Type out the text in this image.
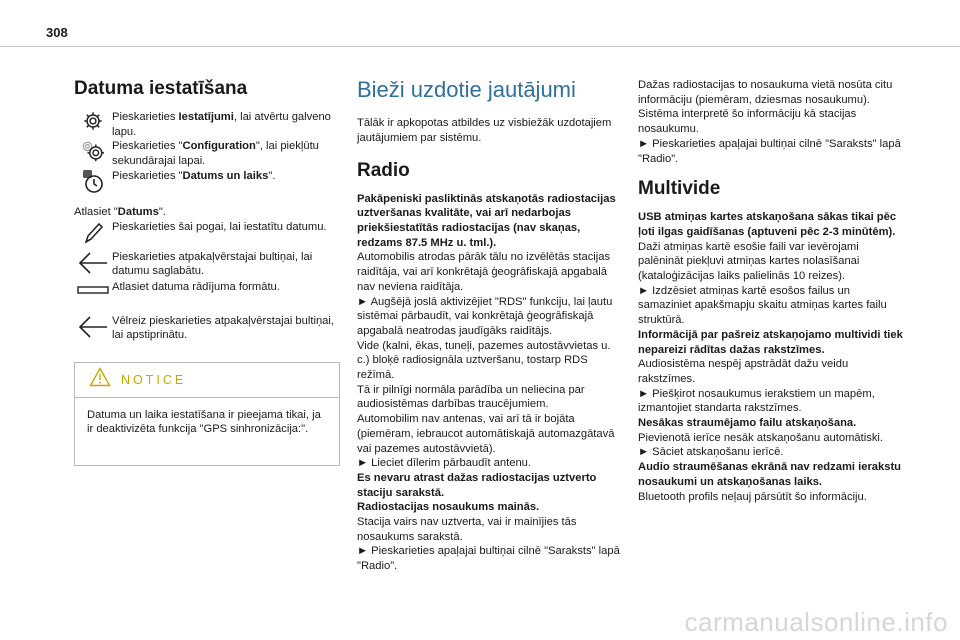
308
Datuma iestatīšana

Pieskarieties Iestatījumi, lai atvērtu galveno lapu.

Pieskarieties "Configuration", lai piekļūtu sekundārajai lapai.

Pieskarieties "Datums un laiks".

Atlasiet "Datums".

Pieskarieties šai pogai, lai iestatītu datumu.

Pieskarieties atpakaļvērstajai bultiņai, lai datumu saglabātu.

Atlasiet datuma rādījuma formātu.

Vēlreiz pieskarieties atpakaļvērstajai bultiņai, lai apstiprinātu.

NOTICE

Datuma un laika iestatīšana ir pieejama tikai, ja ir deaktivizēta funkcija "GPS sinhronizācija:".

Bieži uzdotie jautājumi

Tālāk ir apkopotas atbildes uz visbiežāk uzdotajiem jautājumiem par sistēmu.

Radio

Pakāpeniski pasliktinās atskaņotās radiostacijas uztveršanas kvalitāte, vai arī nedarbojas priekšiestatītās radiostacijas (nav skaņas, redzams 87.5 MHz u. tml.).

Automobilis atrodas pārāk tālu no izvēlētās stacijas raidītāja, vai arī konkrētajā ģeogrāfiskajā apgabalā nav neviena raidītāja.

► Augšējā joslā aktivizējiet "RDS" funkciju, lai ļautu sistēmai pārbaudīt, vai konkrētajā ģeogrāfiskajā apgabalā neatrodas jaudīgāks raidītājs.

Vide (kalni, ēkas, tuneļi, pazemes autostāvvietas u. c.) bloķē radiosignāla uztveršanu, tostarp RDS režīmā.

Tā ir pilnīgi normāla parādība un neliecina par audiosistēmas darbības traucējumiem.

Automobilim nav antenas, vai arī tā ir bojāta (piemēram, iebraucot automātiskajā automazgātavā vai pazemes autostāvvietā).

► Lieciet dīlerim pārbaudīt antenu.

Es nevaru atrast dažas radiostacijas uztverto staciju sarakstā.

Radiostacijas nosaukums mainās.

Stacija vairs nav uztverta, vai ir mainījies tās nosaukums sarakstā.

► Pieskarieties apaļajai bultiņai cilnē "Saraksts" lapā "Radio".

Dažas radiostacijas to nosaukuma vietā nosūta citu informāciju (piemēram, dziesmas nosaukumu).

Sistēma interpretē šo informāciju kā stacijas nosaukumu.

► Pieskarieties apaļajai bultiņai cilnē "Saraksts" lapā "Radio".

Multivide

USB atmiņas kartes atskaņošana sākas tikai pēc ļoti ilgas gaidīšanas (aptuveni pēc 2-3 minūtēm).

Daži atmiņas kartē esošie faili var ievērojami palēnināt piekļuvi atmiņas kartes nolasīšanai (kataloģizācijas laiks palielinās 10 reizes).

► Izdzēsiet atmiņas kartē esošos failus un samaziniet apakšmapju skaitu atmiņas kartes failu struktūrā.

Informācijā par pašreiz atskaņojamo multividi tiek nepareizi rādītas dažas rakstzīmes.

Audiosistēma nespēj apstrādāt dažu veidu rakstzīmes.

► Piešķirot nosaukumus ierakstiem un mapēm, izmantojiet standarta rakstzīmes.

Nesākas straumējamo failu atskaņošana.

Pievienotā ierīce nesāk atskaņošanu automātiski.

► Sāciet atskaņošanu ierīcē.

Audio straumēšanas ekrānā nav redzami ierakstu nosaukumi un atskaņošanas laiks.

Bluetooth profils neļauj pārsūtīt šo informāciju.

carmanualsonline.info
